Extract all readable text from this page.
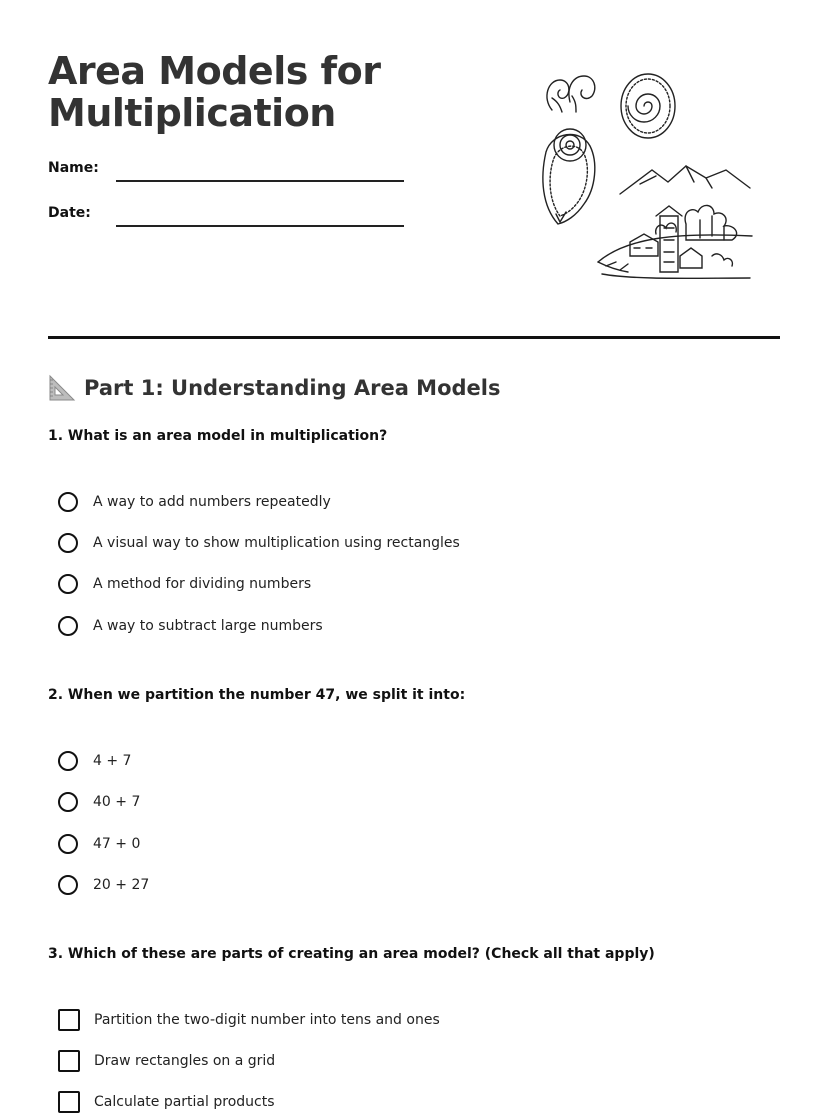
Area Models for
Multiplication
Name:
Date:
Part 1: Understanding Area Models
1. What is an area model in multiplication?
A way to add numbers repeatedly
A visual way to show multiplication using rectangles
A method for dividing numbers
A way to subtract large numbers
2. When we partition the number 47, we split it into:
4 + 7
40 + 7
47 + 0
20 + 27
3. Which of these are parts of creating an area model? (Check all that apply)
Partition the two-digit number into tens and ones
Draw rectangles on a grid
Calculate partial products
